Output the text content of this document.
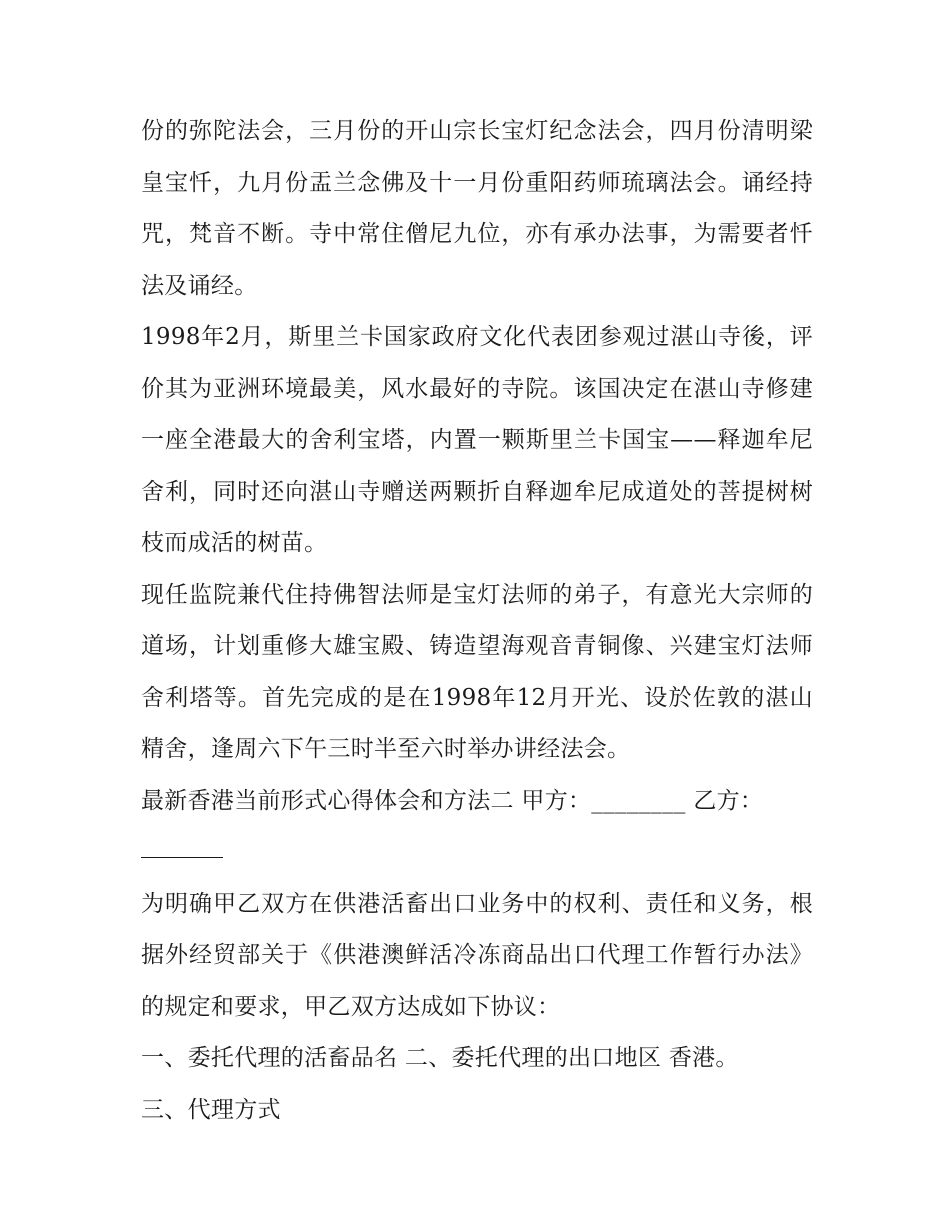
份的弥陀法会，三月份的开山宗长宝灯纪念法会，四月份清明梁皇宝忏，九月份盂兰念佛及十一月份重阳药师琉璃法会。诵经持咒，梵音不断。寺中常住僧尼九位，亦有承办法事，为需要者忏法及诵经。

1998年2月，斯里兰卡国家政府文化代表团参观过湛山寺後，评价其为亚洲环境最美，风水最好的寺院。该国决定在湛山寺修建一座全港最大的舍利宝塔，内置一颗斯里兰卡国宝——释迦牟尼舍利，同时还向湛山寺赠送两颗折自释迦牟尼成道处的菩提树树枝而成活的树苗。

现任监院兼代住持佛智法师是宝灯法师的弟子，有意光大宗师的道场，计划重修大雄宝殿、铸造望海观音青铜像、兴建宝灯法师舍利塔等。首先完成的是在1998年12月开光、设於佐敦的湛山精舍，逢周六下午三时半至六时举办讲经法会。

最新香港当前形式心得体会和方法二 甲方：________ 乙方：

为明确甲乙双方在供港活畜出口业务中的权利、责任和义务，根据外经贸部关于《供港澳鲜活冷冻商品出口代理工作暂行办法》的规定和要求，甲乙双方达成如下协议：

一、委托代理的活畜品名 二、委托代理的出口地区 香港。

三、代理方式
